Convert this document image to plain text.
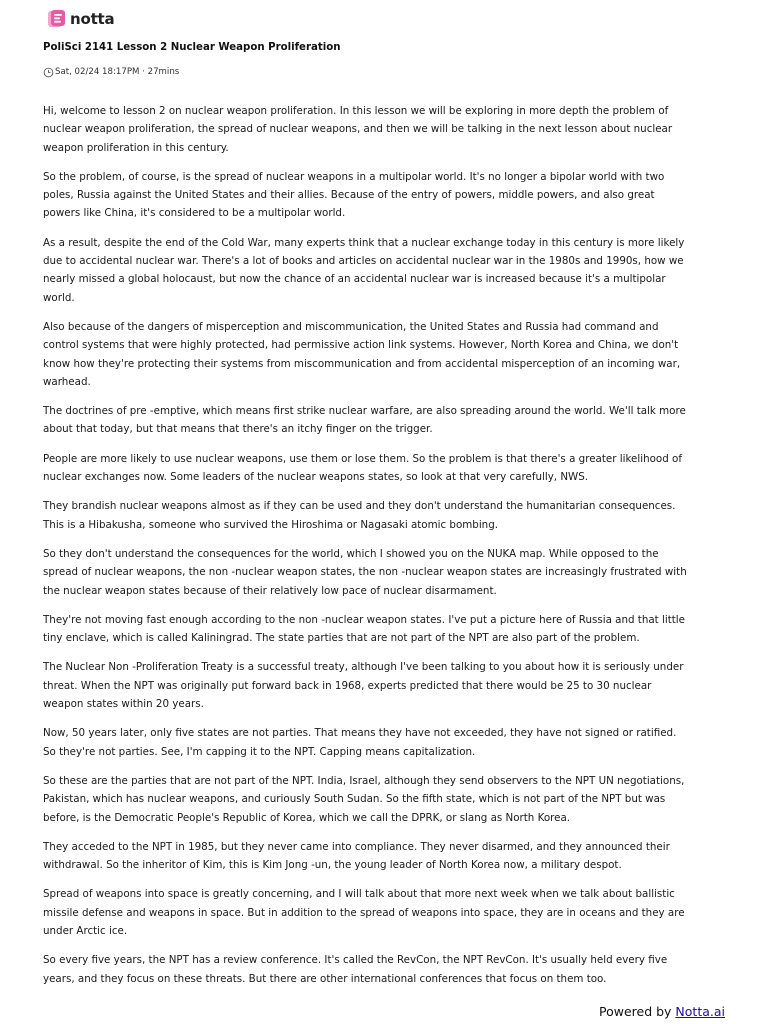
notta
PoliSci 2141 Lesson 2 Nuclear Weapon Proliferation
Sat, 02/24 18:17PM
·
27mins

Hi, welcome to lesson 2 on nuclear weapon proliferation. In this lesson we will be exploring in more depth the problem of
nuclear weapon proliferation, the spread of nuclear weapons, and then we will be talking in the next lesson about nuclear
weapon proliferation in this century.

So the problem, of course, is the spread of nuclear weapons in a multipolar world. It's no longer a bipolar world with two
poles, Russia against the United States and their allies. Because of the entry of powers, middle powers, and also great
powers like China, it's considered to be a multipolar world.

As a result, despite the end of the Cold War, many experts think that a nuclear exchange today in this century is more likely
due to accidental nuclear war. There's a lot of books and articles on accidental nuclear war in the 1980s and 1990s, how we
nearly missed a global holocaust, but now the chance of an accidental nuclear war is increased because it's a multipolar
world.

Also because of the dangers of misperception and miscommunication, the United States and Russia had command and
control systems that were highly protected, had permissive action link systems. However, North Korea and China, we don't
know how they're protecting their systems from miscommunication and from accidental misperception of an incoming war,
warhead.

The doctrines of pre -emptive, which means first strike nuclear warfare, are also spreading around the world. We'll talk more
about that today, but that means that there's an itchy finger on the trigger.

People are more likely to use nuclear weapons, use them or lose them. So the problem is that there's a greater likelihood of
nuclear exchanges now. Some leaders of the nuclear weapons states, so look at that very carefully, NWS.

They brandish nuclear weapons almost as if they can be used and they don't understand the humanitarian consequences.
This is a Hibakusha, someone who survived the Hiroshima or Nagasaki atomic bombing.

So they don't understand the consequences for the world, which I showed you on the NUKA map. While opposed to the
spread of nuclear weapons, the non -nuclear weapon states, the non -nuclear weapon states are increasingly frustrated with
the nuclear weapon states because of their relatively low pace of nuclear disarmament.

They're not moving fast enough according to the non -nuclear weapon states. I've put a picture here of Russia and that little
tiny enclave, which is called Kaliningrad. The state parties that are not part of the NPT are also part of the problem.

The Nuclear Non -Proliferation Treaty is a successful treaty, although I've been talking to you about how it is seriously under
threat. When the NPT was originally put forward back in 1968, experts predicted that there would be 25 to 30 nuclear
weapon states within 20 years.

Now, 50 years later, only five states are not parties. That means they have not exceeded, they have not signed or ratified.
So they're not parties. See, I'm capping it to the NPT. Capping means capitalization.

So these are the parties that are not part of the NPT. India, Israel, although they send observers to the NPT UN negotiations,
Pakistan, which has nuclear weapons, and curiously South Sudan. So the fifth state, which is not part of the NPT but was
before, is the Democratic People's Republic of Korea, which we call the DPRK, or slang as North Korea.

They acceded to the NPT in 1985, but they never came into compliance. They never disarmed, and they announced their
withdrawal. So the inheritor of Kim, this is Kim Jong -un, the young leader of North Korea now, a military despot.

Spread of weapons into space is greatly concerning, and I will talk about that more next week when we talk about ballistic
missile defense and weapons in space. But in addition to the spread of weapons into space, they are in oceans and they are
under Arctic ice.

So every five years, the NPT has a review conference. It's called the RevCon, the NPT RevCon. It's usually held every five
years, and they focus on these threats. But there are other international conferences that focus on them too.

Powered by Notta.ai
